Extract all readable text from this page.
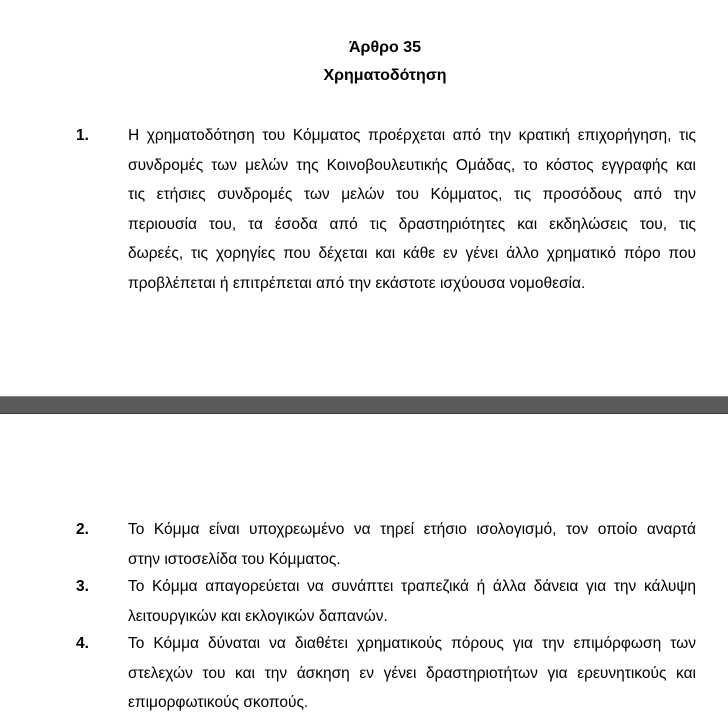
Άρθρο 35
Χρηματοδότηση
1.	Η χρηματοδότηση του Κόμματος προέρχεται από την κρατική επιχορήγηση, τις
συνδρομές των μελών της Κοινοβουλευτικής Ομάδας, το κόστος εγγραφής και
τις ετήσιες συνδρομές των μελών του Κόμματος, τις προσόδους από την
περιουσία του, τα έσοδα από τις δραστηριότητες και εκδηλώσεις του, τις
δωρεές, τις χορηγίες που δέχεται και κάθε εν γένει άλλο χρηματικό πόρο που
προβλέπεται ή επιτρέπεται από την εκάστοτε ισχύουσα νομοθεσία.
2.	Το Κόμμα είναι υποχρεωμένο να τηρεί ετήσιο ισολογισμό, τον οποίο αναρτά
στην ιστοσελίδα του Κόμματος.
3.	Το Κόμμα απαγορεύεται να συνάπτει τραπεζικά ή άλλα δάνεια για την κάλυψη
λειτουργικών και εκλογικών δαπανών.
4.	Το Κόμμα δύναται να διαθέτει χρηματικούς πόρους για την επιμόρφωση των
στελεχών του και την άσκηση εν γένει δραστηριοτήτων για ερευνητικούς και
επιμορφωτικούς σκοπούς.
